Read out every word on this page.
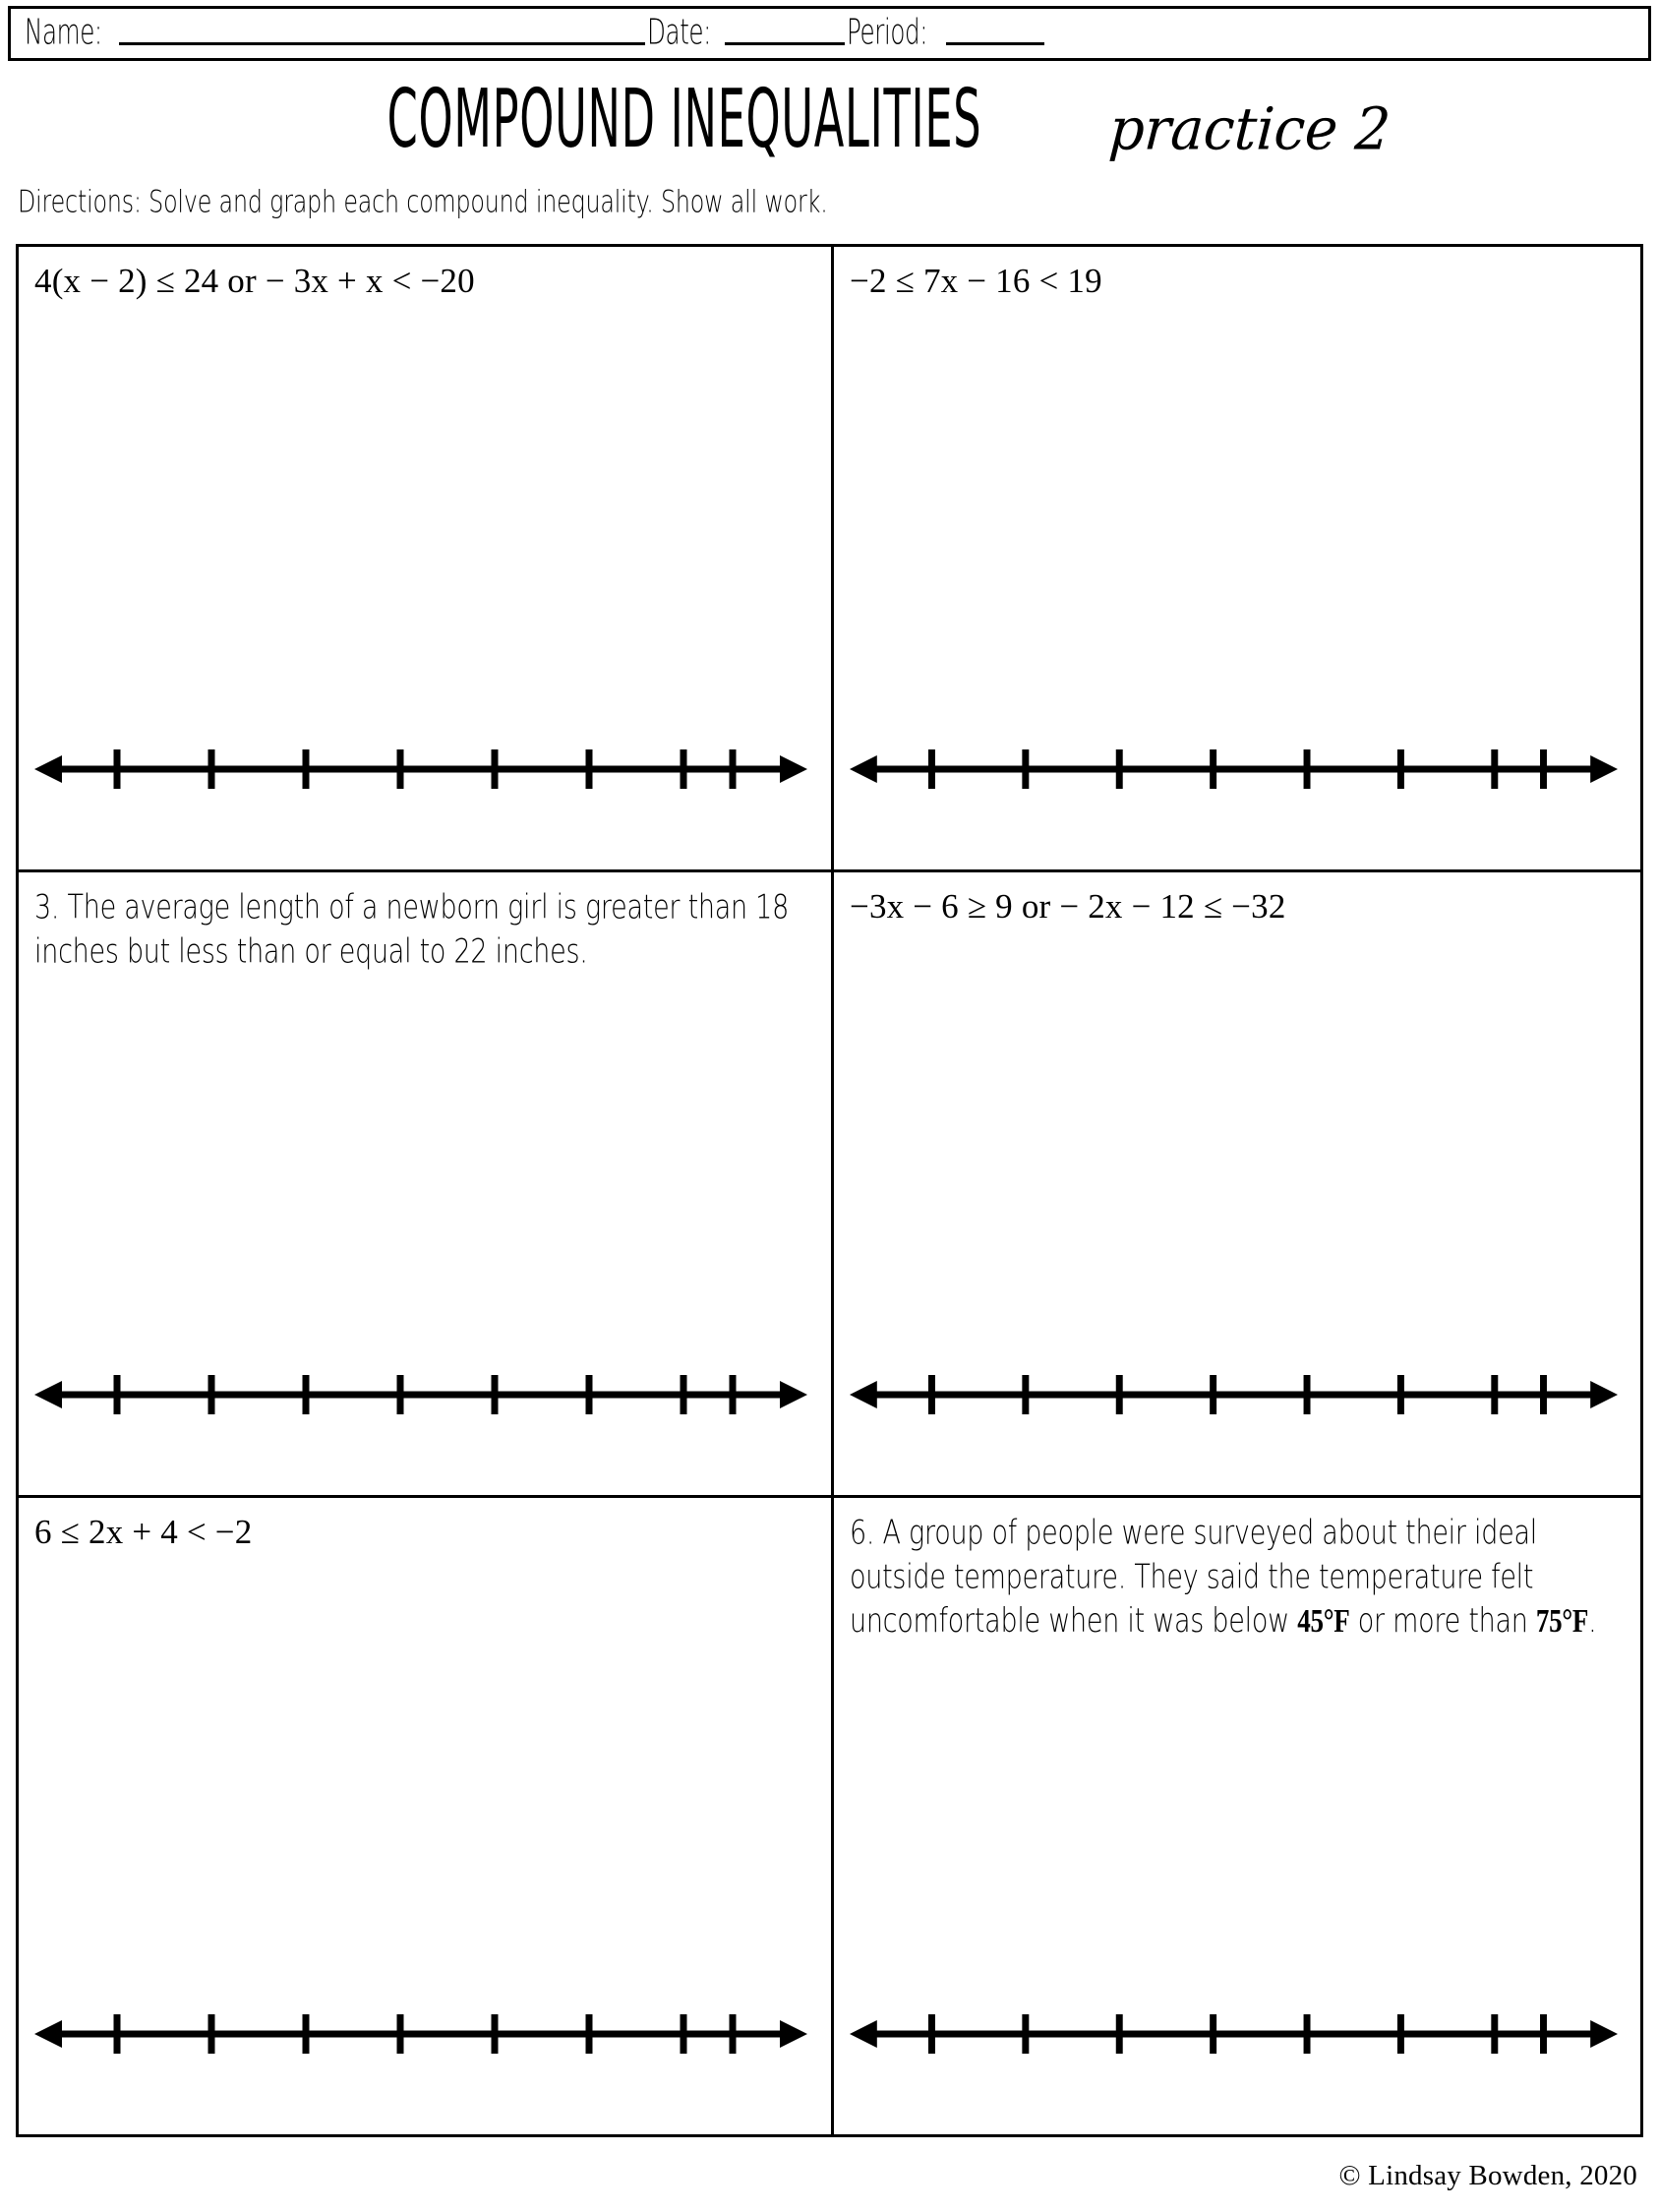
Name:	Date:	Period:
COMPOUND INEQUALITIES practice 2
Directions: Solve and graph each compound inequality. Show all work.
4(x − 2) ≤ 24 or − 3x + x < −20	−2 ≤ 7x − 16 < 19
3. The average length of a newborn girl is greater than 18 inches but less than or equal to 22 inches.
−3x − 6 ≥ 9 or − 2x − 12 ≤ −32
6 ≤ 2x + 4 < −2	6. A group of people were surveyed about their ideal outside temperature. They said the temperature felt uncomfortable when it was below 45°F or more than 75°F.
© Lindsay Bowden, 2020
